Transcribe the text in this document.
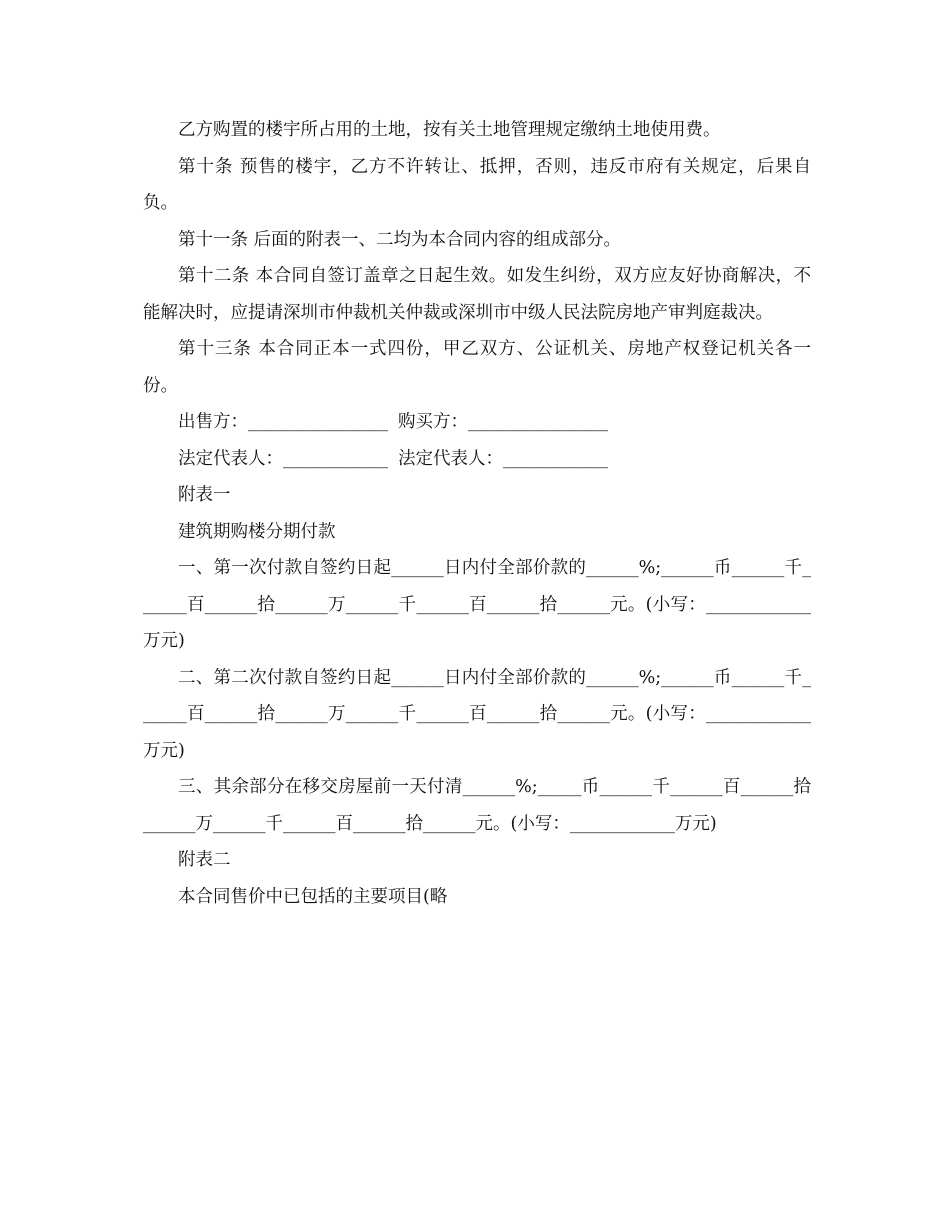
乙方购置的楼宇所占用的土地，按有关土地管理规定缴纳土地使用费。

第十条 预售的楼宇，乙方不许转让、抵押，否则，违反市府有关规定，后果自负。

第十一条 后面的附表一、二均为本合同内容的组成部分。

第十二条 本合同自签订盖章之日起生效。如发生纠纷，双方应友好协商解决，不能解决时，应提请深圳市仲裁机关仲裁或深圳市中级人民法院房地产审判庭裁决。

第十三条 本合同正本一式四份，甲乙双方、公证机关、房地产权登记机关各一份。

出售方：________________ 购买方：________________
法定代表人：____________ 法定代表人：____________

附表一

建筑期购楼分期付款

一、第一次付款自签约日起______日内付全部价款的______%;______币______千______百______拾______万______千______百______拾______元。(小写：____________万元)

二、第二次付款自签约日起______日内付全部价款的______%;______币______千______百______拾______万______千______百______拾______元。(小写：____________万元)

三、其余部分在移交房屋前一天付清______%;_____币______千______百______拾______万______千______百______拾______元。(小写：____________万元)

附表二

本合同售价中已包括的主要项目(略
